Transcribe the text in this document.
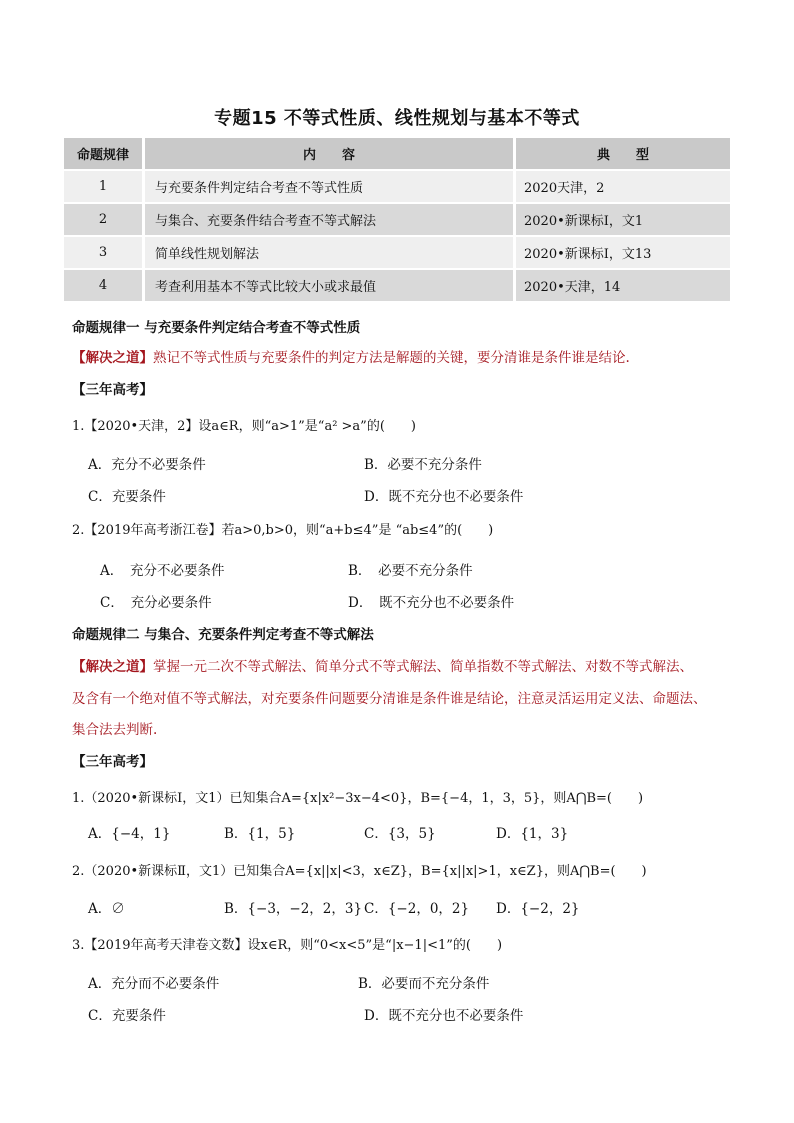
专题15 不等式性质、线性规划与基本不等式
命题规律		内　　容		典　　型
1		与充要条件判定结合考查不等式性质		2020天津，2
2		与集合、充要条件结合考查不等式解法		2020•新课标Ⅰ，文1
3		简单线性规划解法		2020•新课标Ⅰ，文13
4		考查利用基本不等式比较大小或求最值		2020•天津，14
命题规律一 与充要条件判定结合考查不等式性质
【解决之道】熟记不等式性质与充要条件的判定方法是解题的关键，要分清谁是条件谁是结论.
【三年高考】
1.【2020•天津，2】设a∈R，则“a>1”是“a² >a”的(　　)
A．充分不必要条件	B．必要不充分条件
C．充要条件	D．既不充分也不必要条件
2.【2019年高考浙江卷】若a>0,b>0，则“a+b≤4”是 “ab≤4”的(　　)
A．　充分不必要条件	B．　必要不充分条件
C．　充分必要条件	D．　既不充分也不必要条件
命题规律二 与集合、充要条件判定考查不等式解法
【解决之道】掌握一元二次不等式解法、简单分式不等式解法、简单指数不等式解法、对数不等式解法、
及含有一个绝对值不等式解法，对充要条件问题要分清谁是条件谁是结论，注意灵活运用定义法、命题法、
集合法去判断.
【三年高考】
1.（2020•新课标Ⅰ，文1）已知集合A={x|x²−3x−4<0}，B={−4，1，3，5}，则A⋂B=(　　)
A．{−4，1}	B．{1，5}	C．{3，5}	D．{1，3}
2.（2020•新课标Ⅱ，文1）已知集合A={x||x|<3，x∈Z}，B={x||x|>1，x∈Z}，则A⋂B=(　　)
A．∅	B．{−3，−2，2，3} C．{−2，0，2} D．{−2，2}
3.【2019年高考天津卷文数】设x∈R，则“0<x<5”是“|x−1|<1”的(　　)
A．充分而不必要条件	B．必要而不充分条件
C．充要条件	D．既不充分也不必要条件
